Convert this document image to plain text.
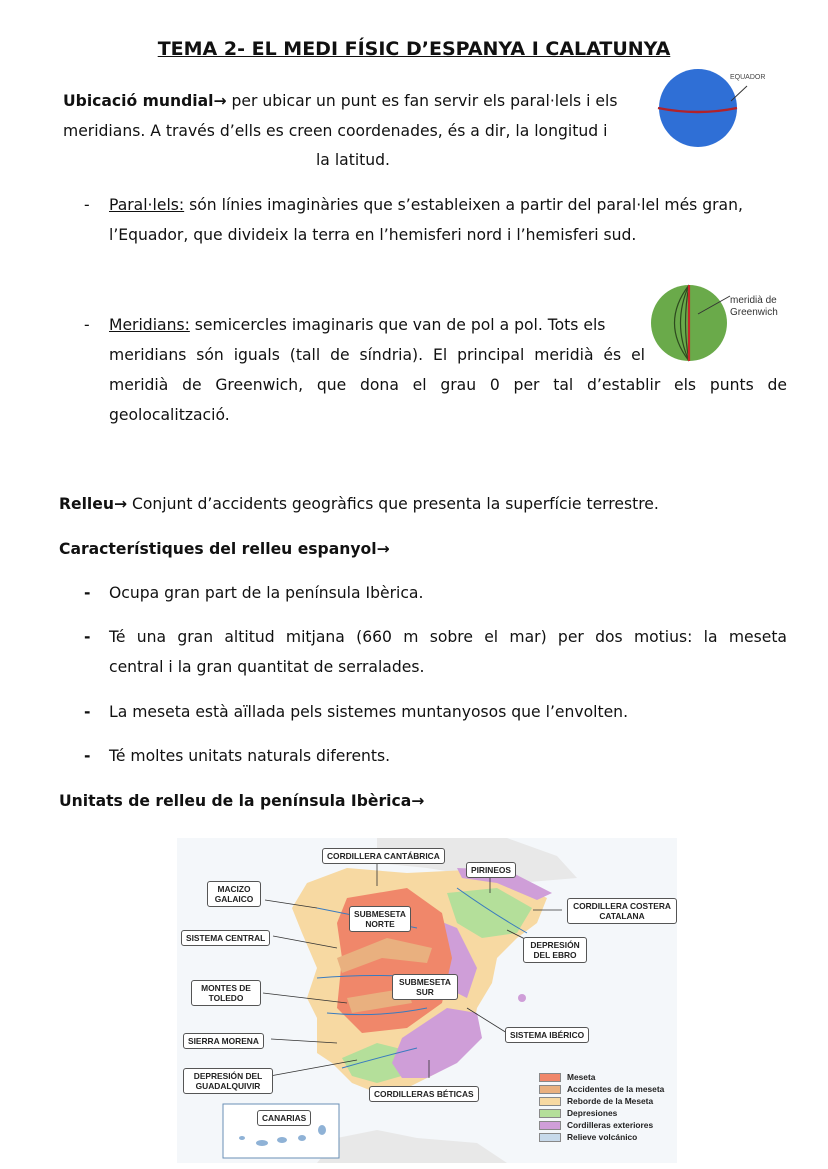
TEMA 2- EL MEDI FÍSIC D’ESPANYA I CALATUNYA
Ubicació mundial→ per ubicar un punt es fan servir els paral·lels i els
meridians. A través d’ells es creen coordenades, és a dir, la longitud i
la latitud.
EQUADOR
- Paral·lels: són línies imaginàries que s’estableixen a partir del paral·lel més gran,
l’Equador, que divideix la terra en l’hemisferi nord i l’hemisferi sud.
- Meridians: semicercles imaginaris que van de pol a pol. Tots els
meridians són iguals (tall de síndria). El principal meridià és el
meridià de Greenwich, que dona el grau 0 per tal d’establir els punts de
geolocalització.
meridià de
Greenwich
Relleu→ Conjunt d’accidents geogràfics que presenta la superfície terrestre.
Característiques del relleu espanyol→
- Ocupa gran part de la península Ibèrica.
- Té una gran altitud mitjana (660 m sobre el mar) per dos motius: la meseta
central i la gran quantitat de serralades.
- La meseta està aïllada pels sistemes muntanyosos que l’envolten.
- Té moltes unitats naturals diferents.
Unitats de relleu de la península Ibèrica→
CORDILLERA CANTÁBRICA
PIRINEOS
MACIZO GALAICO
SUBMESETA NORTE
CORDILLERA COSTERA CATALANA
SISTEMA CENTRAL
DEPRESIÓN DEL EBRO
SUBMESETA SUR
MONTES DE TOLEDO
SISTEMA IBÉRICO
SIERRA MORENA
DEPRESIÓN DEL GUADALQUIVIR
CORDILLERAS BÉTICAS
CANARIAS
Meseta
Accidentes de la meseta
Reborde de la Meseta
Depresiones
Cordilleras exteriores
Relieve volcánico
